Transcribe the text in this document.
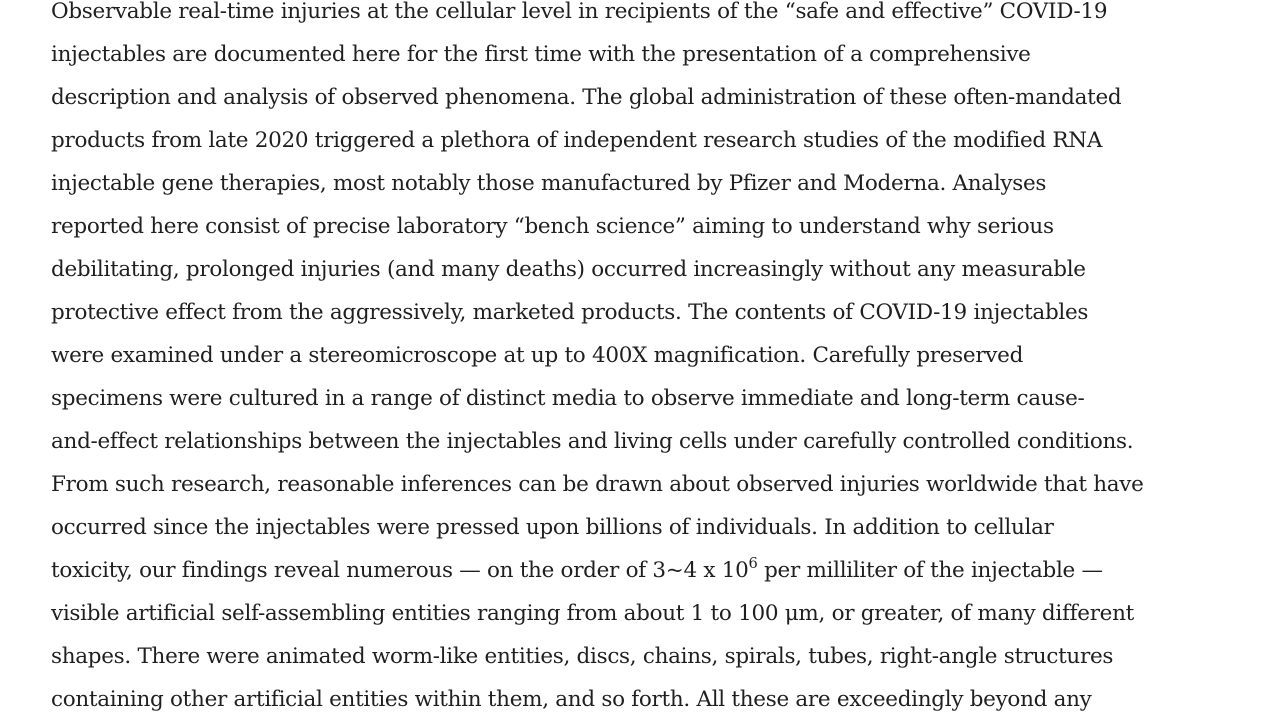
Observable real-time injuries at the cellular level in recipients of the “safe and effective” COVID-19
injectables are documented here for the first time with the presentation of a comprehensive
description and analysis of observed phenomena. The global administration of these often-mandated
products from late 2020 triggered a plethora of independent research studies of the modified RNA
injectable gene therapies, most notably those manufactured by Pfizer and Moderna. Analyses
reported here consist of precise laboratory “bench science” aiming to understand why serious
debilitating, prolonged injuries (and many deaths) occurred increasingly without any measurable
protective effect from the aggressively, marketed products. The contents of COVID-19 injectables
were examined under a stereomicroscope at up to 400X magnification. Carefully preserved
specimens were cultured in a range of distinct media to observe immediate and long-term cause-
and-effect relationships between the injectables and living cells under carefully controlled conditions.
From such research, reasonable inferences can be drawn about observed injuries worldwide that have
occurred since the injectables were pressed upon billions of individuals. In addition to cellular
toxicity, our findings reveal numerous — on the order of 3~4 x $10^6$ per milliliter of the injectable —
visible artificial self-assembling entities ranging from about 1 to 100 μm, or greater, of many different
shapes. There were animated worm-like entities, discs, chains, spirals, tubes, right-angle structures
containing other artificial entities within them, and so forth. All these are exceedingly beyond any
